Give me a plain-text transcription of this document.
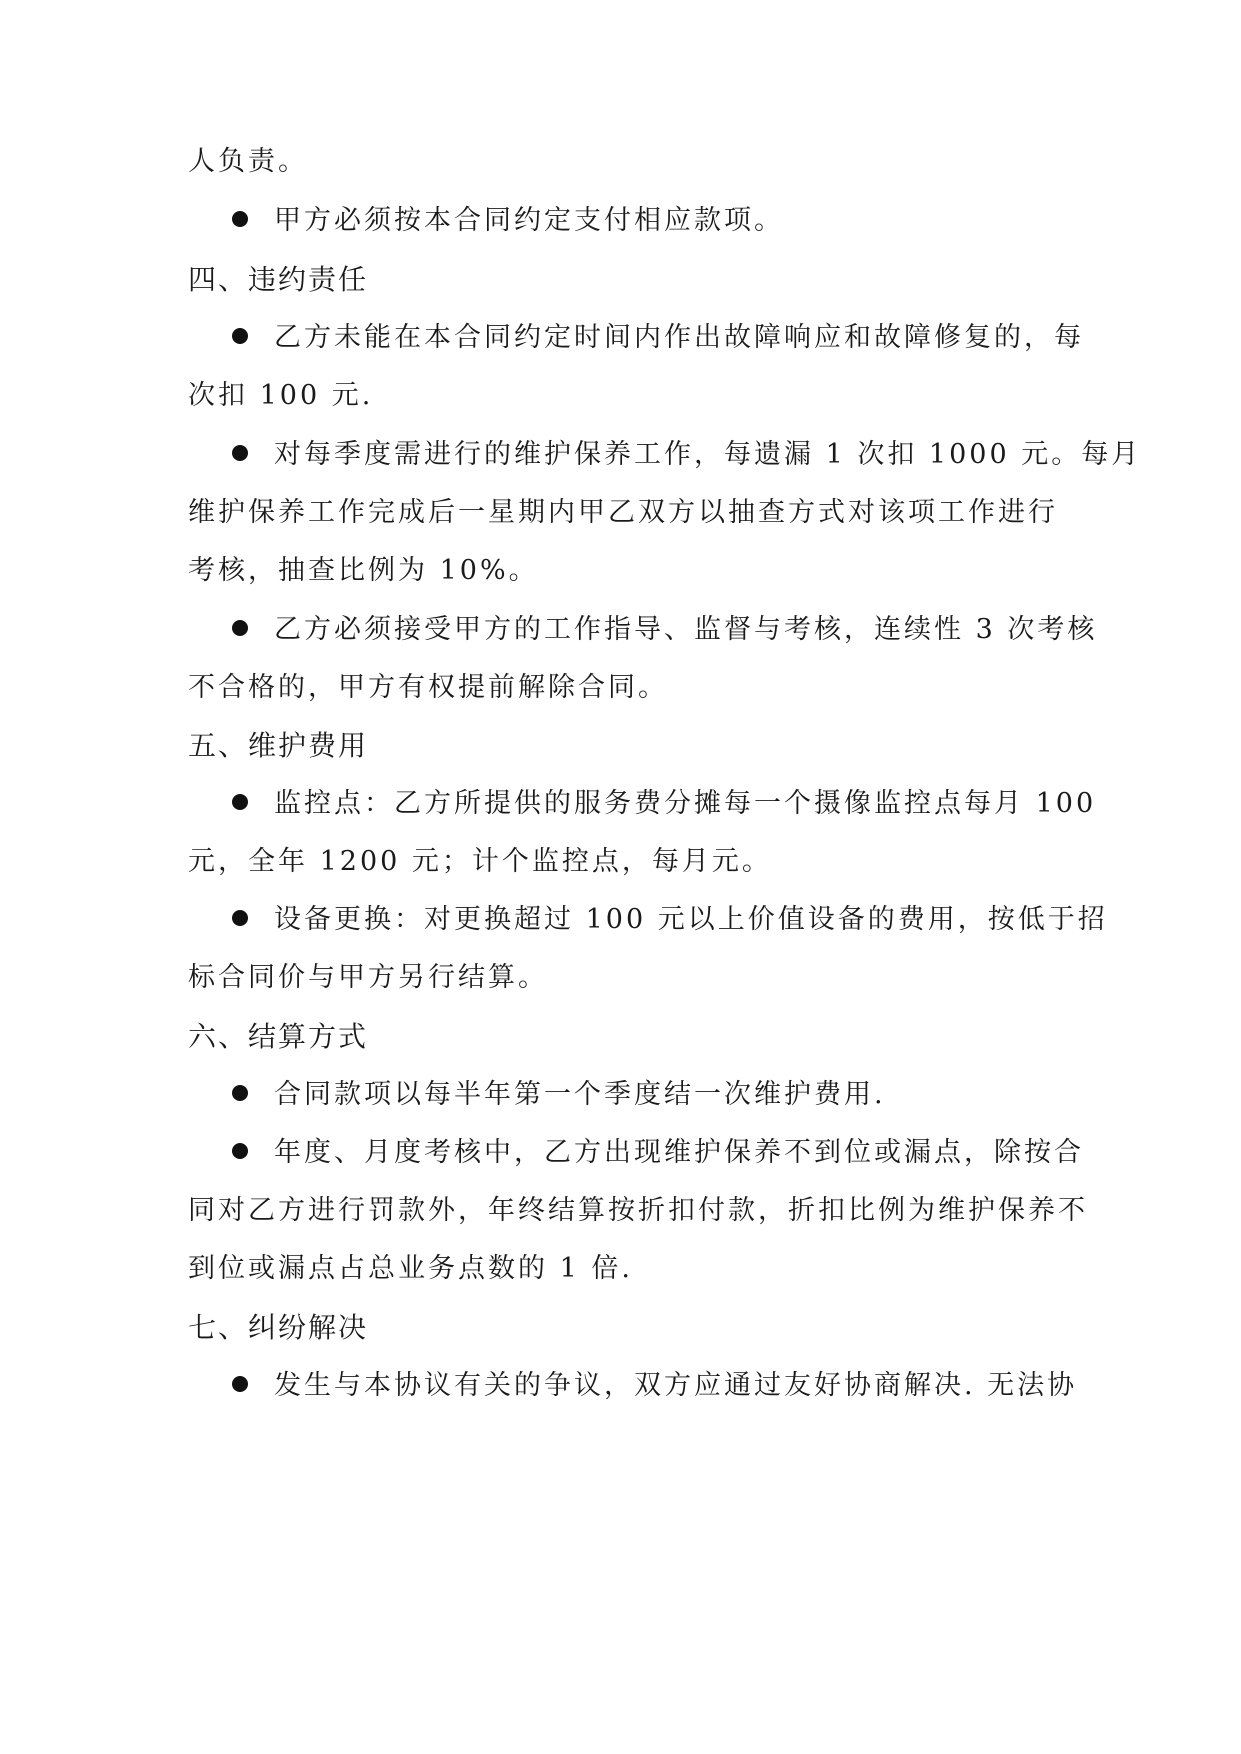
人负责。
甲方必须按本合同约定支付相应款项。
四、违约责任
乙方未能在本合同约定时间内作出故障响应和故障修复的，每
次扣 100 元.
对每季度需进行的维护保养工作，每遗漏 1 次扣 1000 元。每月
维护保养工作完成后一星期内甲乙双方以抽查方式对该项工作进行
考核，抽查比例为 10%。
乙方必须接受甲方的工作指导、监督与考核，连续性 3 次考核
不合格的，甲方有权提前解除合同。
五、维护费用
监控点：乙方所提供的服务费分摊每一个摄像监控点每月 100
元，全年 1200 元；计个监控点，每月元。
设备更换：对更换超过 100 元以上价值设备的费用，按低于招
标合同价与甲方另行结算。
六、结算方式
合同款项以每半年第一个季度结一次维护费用.
年度、月度考核中，乙方出现维护保养不到位或漏点，除按合
同对乙方进行罚款外，年终结算按折扣付款，折扣比例为维护保养不
到位或漏点占总业务点数的 1 倍.
七、纠纷解决
发生与本协议有关的争议，双方应通过友好协商解决. 无法协
